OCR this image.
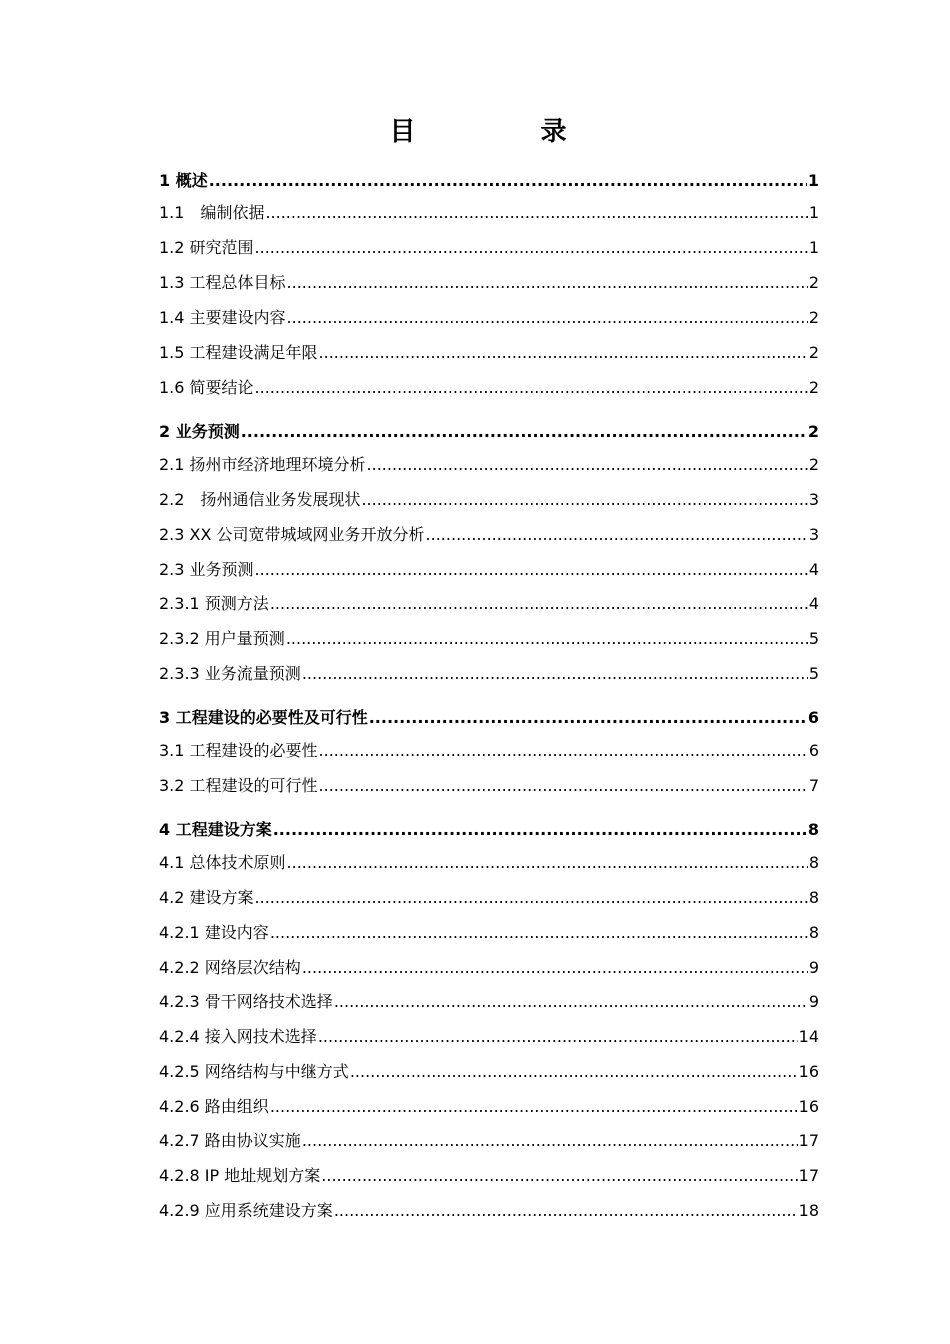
目 录
1 概述 .....	1
1.1　编制依据 .....	1
1.2 研究范围 .....	1
1.3 工程总体目标 .....	2
1.4 主要建设内容 .....	2
1.5 工程建设满足年限 .....	2
1.6 简要结论 .....	2
2 业务预测 .....	2
2.1 扬州市经济地理环境分析 .....	2
2.2　扬州通信业务发展现状 .....	3
2.3 XX 公司宽带城域网业务开放分析 .....	3
2.3 业务预测 .....	4
2.3.1 预测方法 .....	4
2.3.2 用户量预测 .....	5
2.3.3 业务流量预测 .....	5
3 工程建设的必要性及可行性 .....	6
3.1 工程建设的必要性 .....	6
3.2 工程建设的可行性 .....	7
4 工程建设方案 .....	8
4.1 总体技术原则 .....	8
4.2 建设方案 .....	8
4.2.1 建设内容 .....	8
4.2.2 网络层次结构 .....	9
4.2.3 骨干网络技术选择 .....	9
4.2.4 接入网技术选择 .....	14
4.2.5 网络结构与中继方式 .....	16
4.2.6 路由组织 .....	16
4.2.7 路由协议实施 .....	17
4.2.8 IP 地址规划方案 .....	17
4.2.9 应用系统建设方案 .....	18
